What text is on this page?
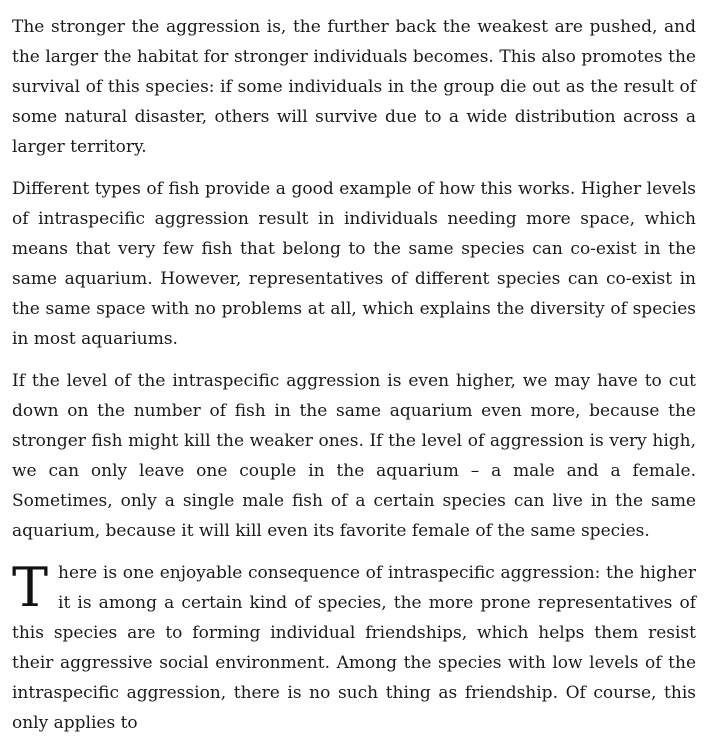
The stronger the aggression is, the further back the weakest are pushed, and the larger the habitat for stronger individuals becomes. This also promotes the survival of this species: if some individuals in the group die out as the result of some natural disaster, others will survive due to a wide distribution across a larger territory.

Different types of fish provide a good example of how this works. Higher levels of intraspecific aggression result in individuals needing more space, which means that very few fish that belong to the same species can co-exist in the same aquarium. However, representatives of different species can co-exist in the same space with no problems at all, which explains the diversity of species in most aquariums.

If the level of the intraspecific aggression is even higher, we may have to cut down on the number of fish in the same aquarium even more, because the stronger fish might kill the weaker ones. If the level of aggression is very high, we can only leave one couple in the aquarium – a male and a female. Sometimes, only a single male fish of a certain species can live in the same aquarium, because it will kill even its favorite female of the same species.

There is one enjoyable consequence of intraspecific aggression: the higher it is among a certain kind of species, the more prone representatives of this species are to forming individual friendships, which helps them resist their aggressive social environment. Among the species with low levels of the intraspecific aggression, there is no such thing as friendship. Of course, this only applies to
